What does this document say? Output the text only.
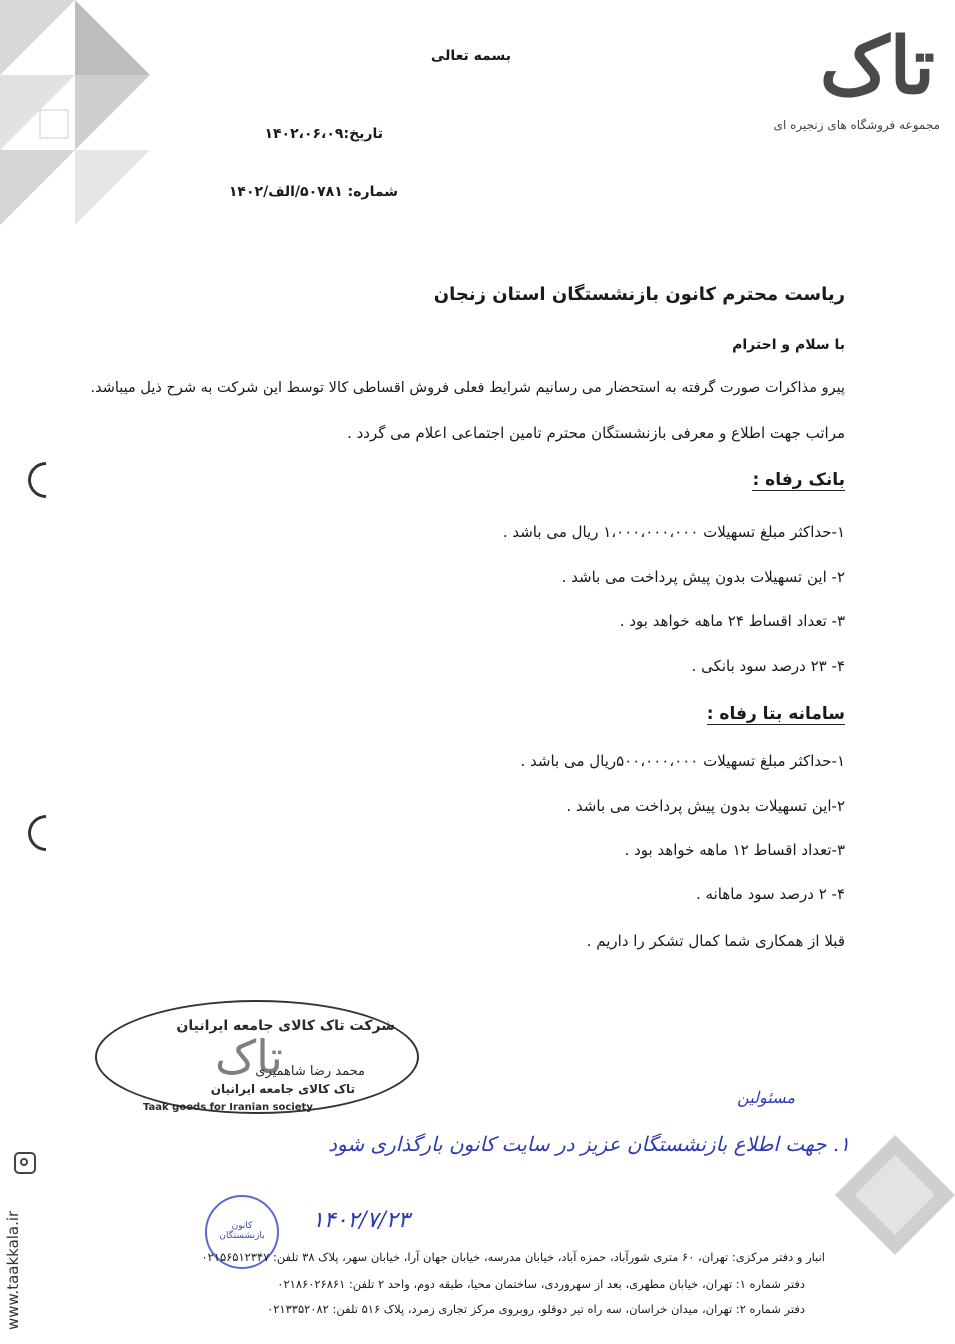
تاک
مجموعه فروشگاه های زنجیره ای
بسمه تعالی
تاریخ:۱۴۰۲،۰۶،۰۹
شماره: ۵۰۷۸۱/الف/۱۴۰۲
ریاست محترم کانون بازنشستگان استان زنجان
با سلام و احترام
پیرو مذاکرات صورت گرفته به استحضار می رسانیم شرایط فعلی فروش اقساطی کالا توسط این شرکت به شرح ذیل میباشد.
مراتب جهت اطلاع و معرفی بازنشستگان محترم تامین اجتماعی اعلام می گردد .
بانک رفاه :
۱-حداکثر مبلغ تسهیلات ۱،۰۰۰،۰۰۰،۰۰۰ ریال می باشد .
۲- این تسهیلات بدون پیش پرداخت می باشد .
۳- تعداد اقساط ۲۴ ماهه خواهد بود .
۴- ۲۳ درصد سود بانکی .
سامانه بتا رفاه :
۱-حداکثر مبلغ تسهیلات ۵۰۰،۰۰۰،۰۰۰ریال می باشد .
۲-این تسهیلات بدون پیش پرداخت می باشد .
۳-تعداد اقساط ۱۲ ماهه خواهد بود .
۴- ۲ درصد سود ماهانه .
قبلا از همکاری شما کمال تشکر را داریم .
شرکت تاک کالای جامعه ایرانیان
تاک
محمد رضا شاهمیری
تاک کالای جامعه ایرانیان
Taak goods for Iranian society
مسئولین
۱. جهت اطلاع بازنشستگان عزیز در سایت کانون بارگذاری شود
۱۴۰۲/۷/۲۳
کانون بازنشستگان
www.taakkala.ir	انبار و دفتر مرکزی: تهران، ۶۰ متری شورآباد، حمزه آباد، خیابان مدرسه، خیابان جهان آرا، خیابان سهر، پلاک ۳۸ تلفن: ۰۲۱۵۶۵۱۲۳۴۷
دفتر شماره ۱: تهران، خیابان مطهری، بعد از سهروردی، ساختمان محیا، طبقه دوم، واحد ۲ تلفن: ۰۲۱۸۶۰۲۶۸۶۱
دفتر شماره ۲: تهران، میدان خراسان، سه راه تیر دوقلو، روبروی مرکز تجاری زمرد، پلاک ۵۱۶ تلفن: ۰۲۱۳۳۵۲۰۸۲
